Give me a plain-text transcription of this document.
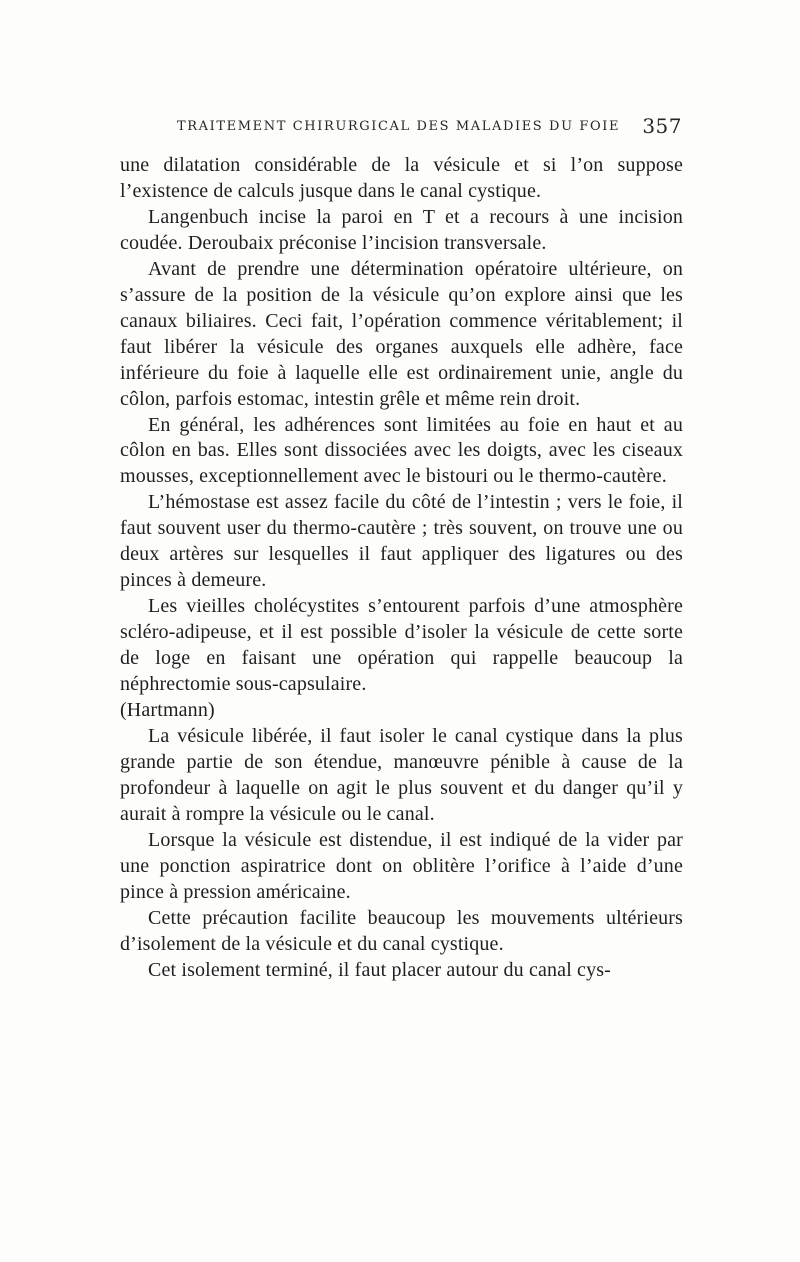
TRAITEMENT CHIRURGICAL DES MALADIES DU FOIE 357

une dilatation considérable de la vésicule et si l’on suppose l’existence de calculs jusque dans le canal cystique.

Langenbuch incise la paroi en T et a recours à une incision coudée. Deroubaix préconise l’incision transversale.

Avant de prendre une détermination opératoire ultérieure, on s’assure de la position de la vésicule qu’on explore ainsi que les canaux biliaires. Ceci fait, l’opération commence véritablement; il faut libérer la vésicule des organes auxquels elle adhère, face inférieure du foie à laquelle elle est ordinairement unie, angle du côlon, parfois estomac, intestin grêle et même rein droit.

En général, les adhérences sont limitées au foie en haut et au côlon en bas. Elles sont dissociées avec les doigts, avec les ciseaux mousses, exceptionnellement avec le bistouri ou le thermo-cautère.

L’hémostase est assez facile du côté de l’intestin ; vers le foie, il faut souvent user du thermo-cautère ; très souvent, on trouve une ou deux artères sur lesquelles il faut appliquer des ligatures ou des pinces à demeure.

Les vieilles cholécystites s’entourent parfois d’une atmosphère scléro-adipeuse, et il est possible d’isoler la vésicule de cette sorte de loge en faisant une opération qui rappelle beaucoup la néphrectomie sous-capsulaire.

(Hartmann)

La vésicule libérée, il faut isoler le canal cystique dans la plus grande partie de son étendue, manœuvre pénible à cause de la profondeur à laquelle on agit le plus souvent et du danger qu’il y aurait à rompre la vésicule ou le canal.

Lorsque la vésicule est distendue, il est indiqué de la vider par une ponction aspiratrice dont on oblitère l’orifice à l’aide d’une pince à pression américaine.

Cette précaution facilite beaucoup les mouvements ultérieurs d’isolement de la vésicule et du canal cystique.

Cet isolement terminé, il faut placer autour du canal cys-
